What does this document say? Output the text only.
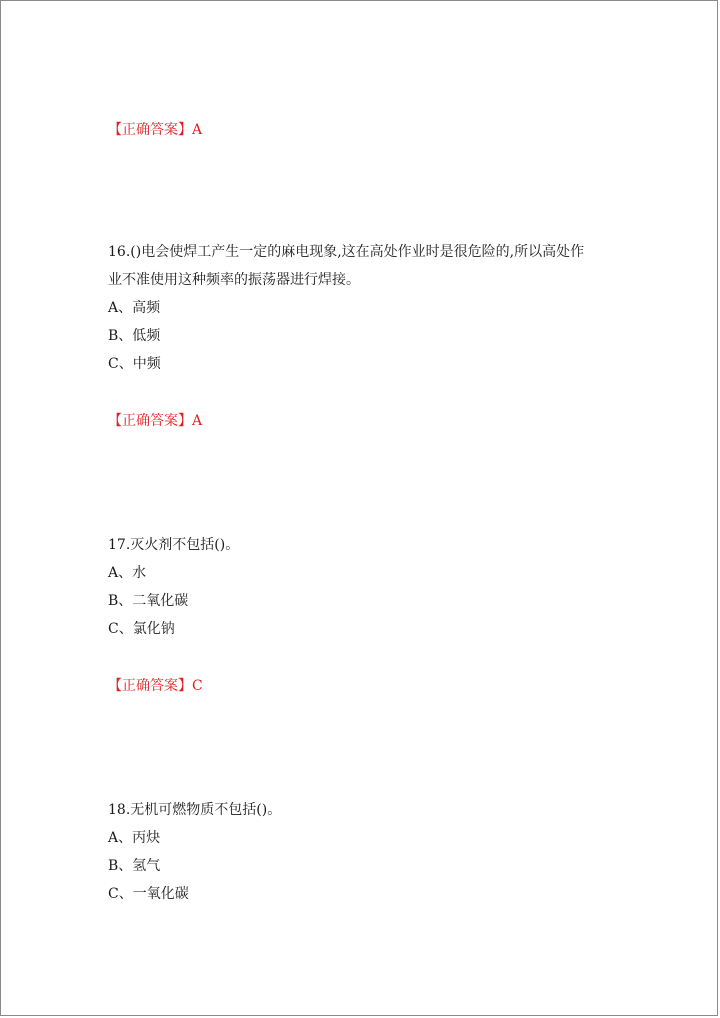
【正确答案】A
16.()电会使焊工产生一定的麻电现象,这在高处作业时是很危险的,所以高处作
业不准使用这种频率的振荡器进行焊接。
A、高频
B、低频
C、中频
【正确答案】A
17.灭火剂不包括()。
A、水
B、二氧化碳
C、氯化钠
【正确答案】C
18.无机可燃物质不包括()。
A、丙炔
B、氢气
C、一氧化碳
